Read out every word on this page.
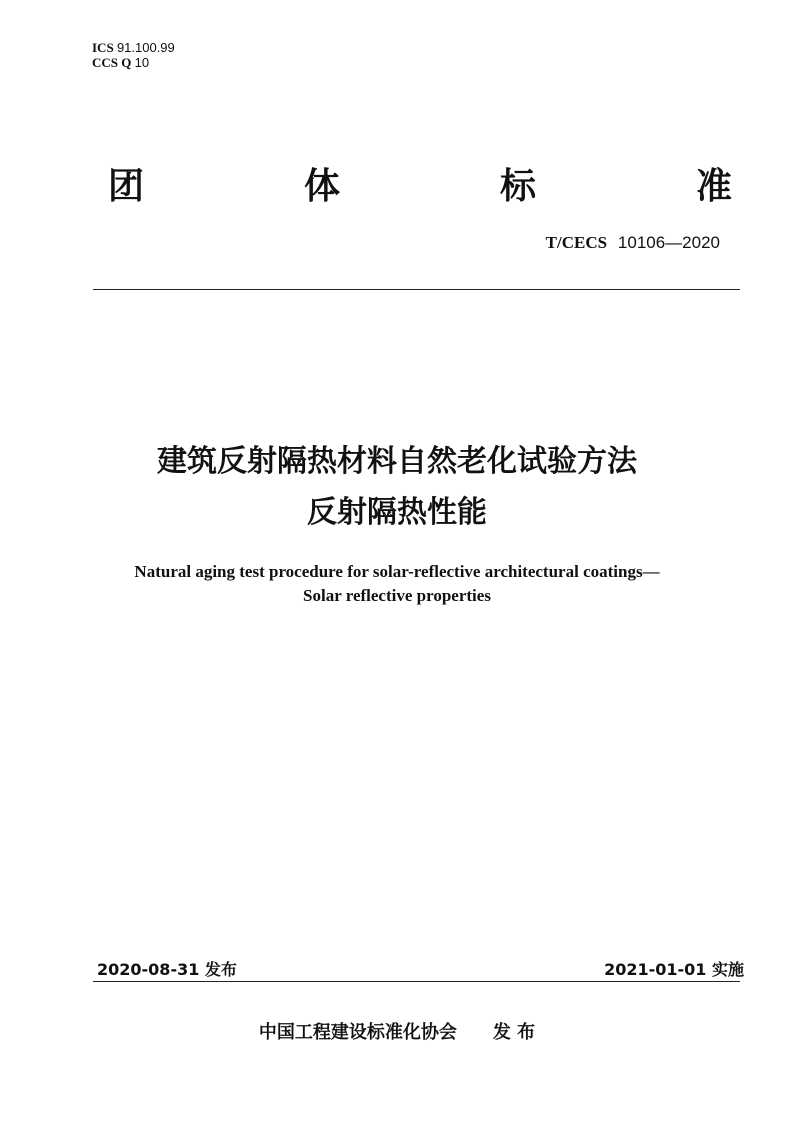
ICS 91.100.99
CCS Q 10
团	体	标	准
T/CECS 10106—2020
建筑反射隔热材料自然老化试验方法
反射隔热性能
Natural aging test procedure for solar-reflective architectural coatings—
Solar reflective properties
2020-08-31 发布	2021-01-01 实施
中国工程建设标准化协会 发 布
